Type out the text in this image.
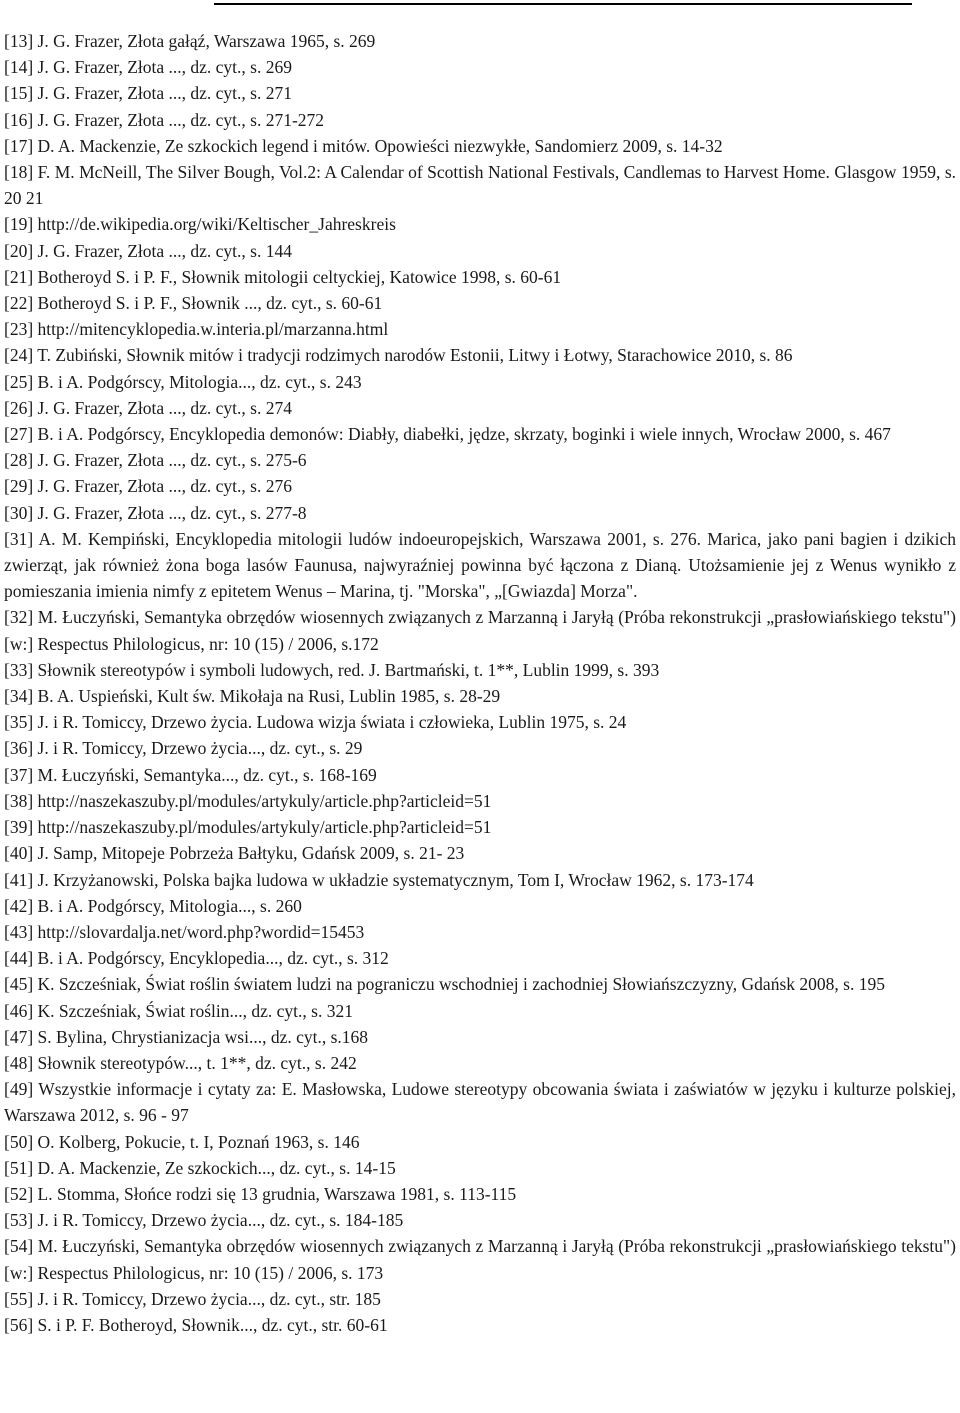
[13] J. G. Frazer, Złota gałąź, Warszawa 1965, s. 269

[14] J. G. Frazer, Złota ..., dz. cyt., s. 269

[15] J. G. Frazer, Złota ..., dz. cyt., s. 271

[16] J. G. Frazer, Złota ..., dz. cyt., s. 271-272

[17] D. A. Mackenzie, Ze szkockich legend i mitów. Opowieści niezwykłe, Sandomierz 2009, s. 14-32

[18] F. M. McNeill, The Silver Bough, Vol.2: A Calendar of Scottish National Festivals, Candlemas to Harvest Home. Glasgow 1959, s. 20 21

[19] http://de.wikipedia.org/wiki/Keltischer_Jahreskreis

[20] J. G. Frazer, Złota ..., dz. cyt., s. 144

[21] Botheroyd S. i P. F., Słownik mitologii celtyckiej, Katowice 1998, s. 60-61

[22] Botheroyd S. i P. F., Słownik ..., dz. cyt., s. 60-61

[23] http://mitencyklopedia.w.interia.pl/marzanna.html

[24] T. Zubiński, Słownik mitów i tradycji rodzimych narodów Estonii, Litwy i Łotwy, Starachowice 2010, s. 86

[25] B. i A. Podgórscy, Mitologia..., dz. cyt., s. 243

[26] J. G. Frazer, Złota ..., dz. cyt., s. 274

[27] B. i A. Podgórscy, Encyklopedia demonów: Diabły, diabełki, jędze, skrzaty, boginki i wiele innych, Wrocław 2000, s. 467

[28] J. G. Frazer, Złota ..., dz. cyt., s. 275-6

[29] J. G. Frazer, Złota ..., dz. cyt., s. 276

[30] J. G. Frazer, Złota ..., dz. cyt., s. 277-8

[31] A. M. Kempiński, Encyklopedia mitologii ludów indoeuropejskich, Warszawa 2001, s. 276. Marica, jako pani bagien i dzikich zwierząt, jak również żona boga lasów Faunusa, najwyraźniej powinna być łączona z Dianą. Utożsamienie jej z Wenus wynikło z pomieszania imienia nimfy z epitetem Wenus – Marina, tj. "Morska", „[Gwiazda] Morza".

[32] M. Łuczyński, Semantyka obrzędów wiosennych związanych z Marzanną i Jaryłą (Próba rekonstrukcji „prasłowiańskiego tekstu") [w:] Respectus Philologicus, nr: 10 (15) / 2006, s.172

[33] Słownik stereotypów i symboli ludowych, red. J. Bartmański, t. 1**, Lublin 1999, s. 393

[34] B. A. Uspieński, Kult św. Mikołaja na Rusi, Lublin 1985, s. 28-29

[35] J. i R. Tomiccy, Drzewo życia. Ludowa wizja świata i człowieka, Lublin 1975, s. 24

[36] J. i R. Tomiccy, Drzewo życia..., dz. cyt., s. 29

[37] M. Łuczyński, Semantyka..., dz. cyt., s. 168-169

[38] http://naszekaszuby.pl/modules/artykuly/article.php?articleid=51

[39] http://naszekaszuby.pl/modules/artykuly/article.php?articleid=51

[40] J. Samp, Mitopeje Pobrzeża Bałtyku, Gdańsk 2009, s. 21- 23

[41] J. Krzyżanowski, Polska bajka ludowa w układzie systematycznym, Tom I, Wrocław 1962, s. 173-174

[42] B. i A. Podgórscy, Mitologia..., s. 260

[43] http://slovardalja.net/word.php?wordid=15453

[44] B. i A. Podgórscy, Encyklopedia..., dz. cyt., s. 312

[45] K. Szcześniak, Świat roślin światem ludzi na pograniczu wschodniej i zachodniej Słowiańszczyzny, Gdańsk 2008, s. 195

[46] K. Szcześniak, Świat roślin..., dz. cyt., s. 321

[47] S. Bylina, Chrystianizacja wsi..., dz. cyt., s.168

[48] Słownik stereotypów..., t. 1**, dz. cyt., s. 242

[49] Wszystkie informacje i cytaty za: E. Masłowska, Ludowe stereotypy obcowania świata i zaświatów w języku i kulturze polskiej, Warszawa 2012, s. 96 - 97

[50] O. Kolberg, Pokucie, t. I, Poznań 1963, s. 146

[51] D. A. Mackenzie, Ze szkockich..., dz. cyt., s. 14-15

[52] L. Stomma, Słońce rodzi się 13 grudnia, Warszawa 1981, s. 113-115

[53] J. i R. Tomiccy, Drzewo życia..., dz. cyt., s. 184-185

[54] M. Łuczyński, Semantyka obrzędów wiosennych związanych z Marzanną i Jaryłą (Próba rekonstrukcji „prasłowiańskiego tekstu") [w:] Respectus Philologicus, nr: 10 (15) / 2006, s. 173

[55] J. i R. Tomiccy, Drzewo życia..., dz. cyt., str. 185

[56] S. i P. F. Botheroyd, Słownik..., dz. cyt., str. 60-61
